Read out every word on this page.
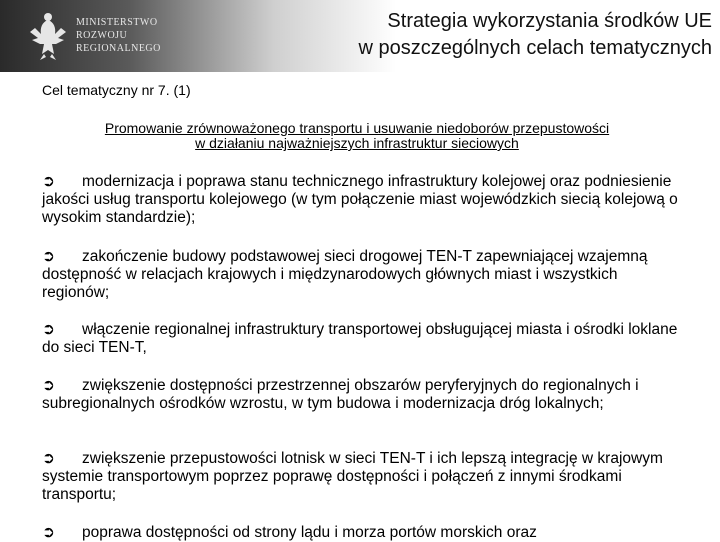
MINISTERSTWO
ROZWOJU
REGIONALNEGO
Strategia wykorzystania środków UE
w poszczególnych celach tematycznych
Cel tematyczny nr 7. (1)
Promowanie zrównoważonego transportu i usuwanie niedoborów przepustowości
w działaniu najważniejszych infrastruktur sieciowych
➲ modernizacja i poprawa stanu technicznego infrastruktury kolejowej oraz podniesienie jakości usług transportu kolejowego (w tym połączenie miast wojewódzkich siecią kolejową o wysokim standardzie);
➲ zakończenie budowy podstawowej sieci drogowej TEN-T zapewniającej wzajemną dostępność w relacjach krajowych i międzynarodowych głównych miast i wszystkich regionów;
➲ włączenie regionalnej infrastruktury transportowej obsługującej miasta i ośrodki loklane do sieci TEN-T,
➲ zwiększenie dostępności przestrzennej obszarów peryferyjnych do regionalnych i subregionalnych ośrodków wzrostu, w tym budowa i modernizacja dróg lokalnych;
➲ zwiększenie przepustowości lotnisk w sieci TEN-T i ich lepszą integrację w krajowym systemie transportowym poprzez poprawę dostępności i połączeń z innymi środkami transportu;
➲ poprawa dostępności od strony lądu i morza portów morskich oraz
